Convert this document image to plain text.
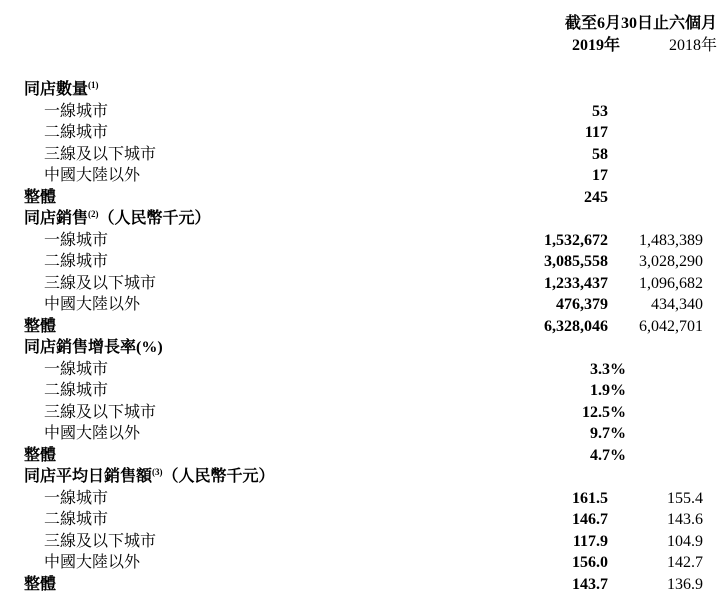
截至6月30日止六個月
2019年	2018年
同店數量$^{(1)}$
一線城市	53
二線城市	117
三線及以下城市	58
中國大陸以外	17
整體	245
同店銷售$^{(2)}$（人民幣千元）
一線城市	1,532,672 1,483,389
二線城市	3,085,558 3,028,290
三線及以下城市	1,233,437 1,096,682
中國大陸以外	476,379	434,340
整體	6,328,046 6,042,701
同店銷售增長率(%)
一線城市	3.3%
二線城市	1.9%
三線及以下城市	12.5%
中國大陸以外	9.7%
整體	4.7%
同店平均日銷售額$^{(3)}$（人民幣千元）
一線城市	161.5	155.4
二線城市	146.7	143.6
三線及以下城市	117.9	104.9
中國大陸以外	156.0	142.7
整體	143.7	136.9
